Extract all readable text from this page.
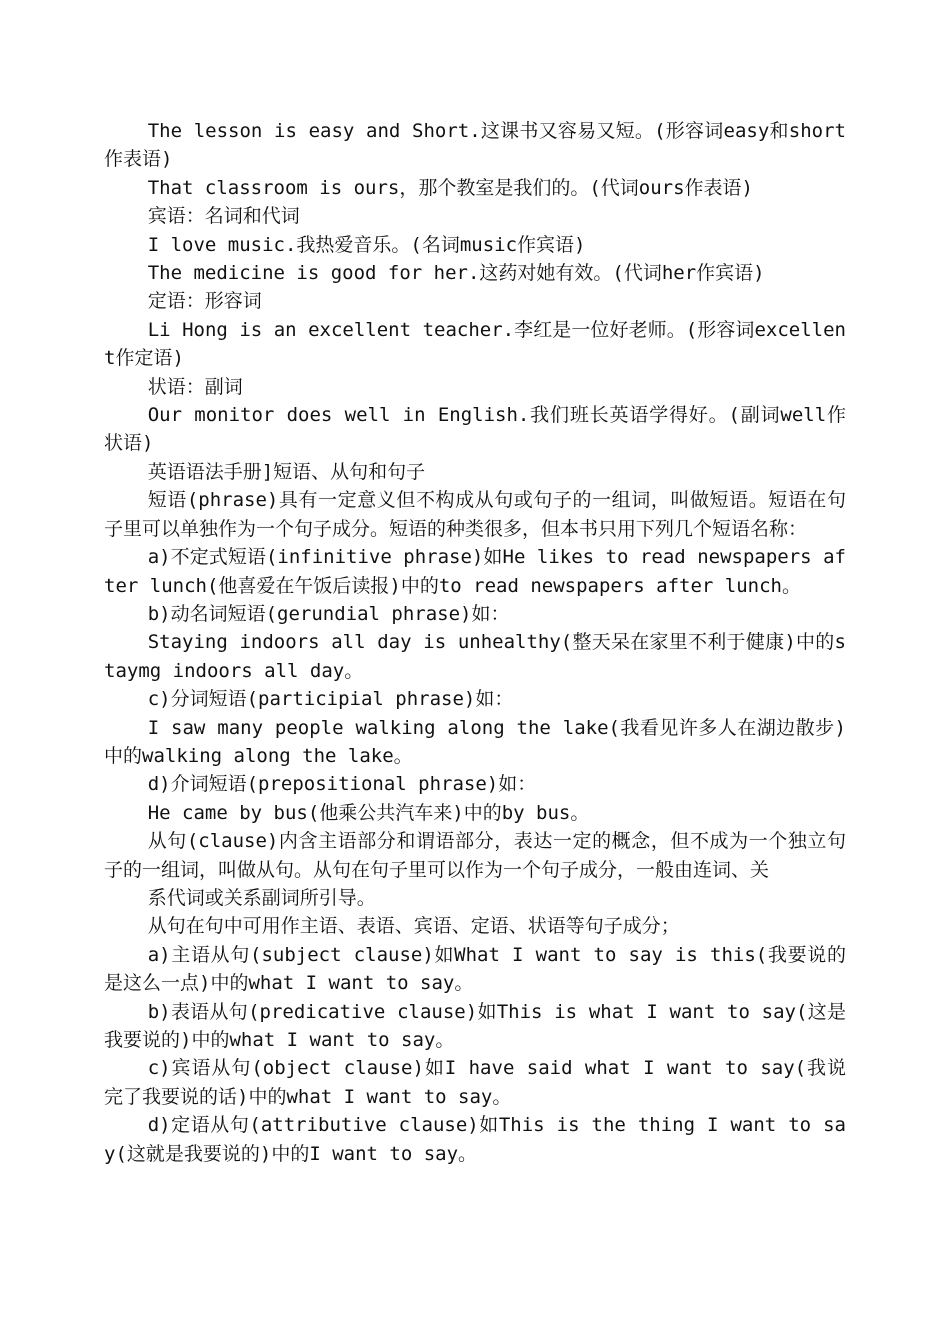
The lesson is easy and Short.这课书又容易又短。(形容词easy和short作表语)

That classroom is ours，那个教室是我们的。(代词ours作表语)

宾语：名词和代词

I love music.我热爱音乐。(名词music作宾语)

The medicine is good for her.这药对她有效。(代词her作宾语)

定语：形容词

Li Hong is an excellent teacher.李红是一位好老师。(形容词excellent作定语)

状语：副词

Our monitor does well in English.我们班长英语学得好。(副词well作状语)

英语语法手册]短语、从句和句子

短语(phrase)具有一定意义但不构成从句或句子的一组词，叫做短语。短语在句子里可以单独作为一个句子成分。短语的种类很多，但本书只用下列几个短语名称：

a)不定式短语(infinitive phrase)如He likes to read newspapers after lunch(他喜爱在午饭后读报)中的to read newspapers after lunch。

b)动名词短语(gerundial phrase)如：

Staying indoors all day is unhealthy(整天呆在家里不利于健康)中的staymg indoors all day。

c)分词短语(participial phrase)如：

I saw many people walking along the lake(我看见许多人在湖边散步)中的walking along the lake。

d)介词短语(prepositional phrase)如：

He came by bus(他乘公共汽车来)中的by bus。

从句(clause)内含主语部分和谓语部分，表达一定的概念，但不成为一个独立句子的一组词，叫做从句。从句在句子里可以作为一个句子成分，一般由连词、关

系代词或关系副词所引导。

从句在句中可用作主语、表语、宾语、定语、状语等句子成分；

a)主语从句(subject clause)如What I want to say is this(我要说的是这么一点)中的what I want to say。

b)表语从句(predicative clause)如This is what I want to say(这是我要说的)中的what I want to say。

c)宾语从句(object clause)如I have said what I want to say(我说完了我要说的话)中的what I want to say。

d)定语从句(attributive clause)如This is the thing I want to say(这就是我要说的)中的I want to say。
